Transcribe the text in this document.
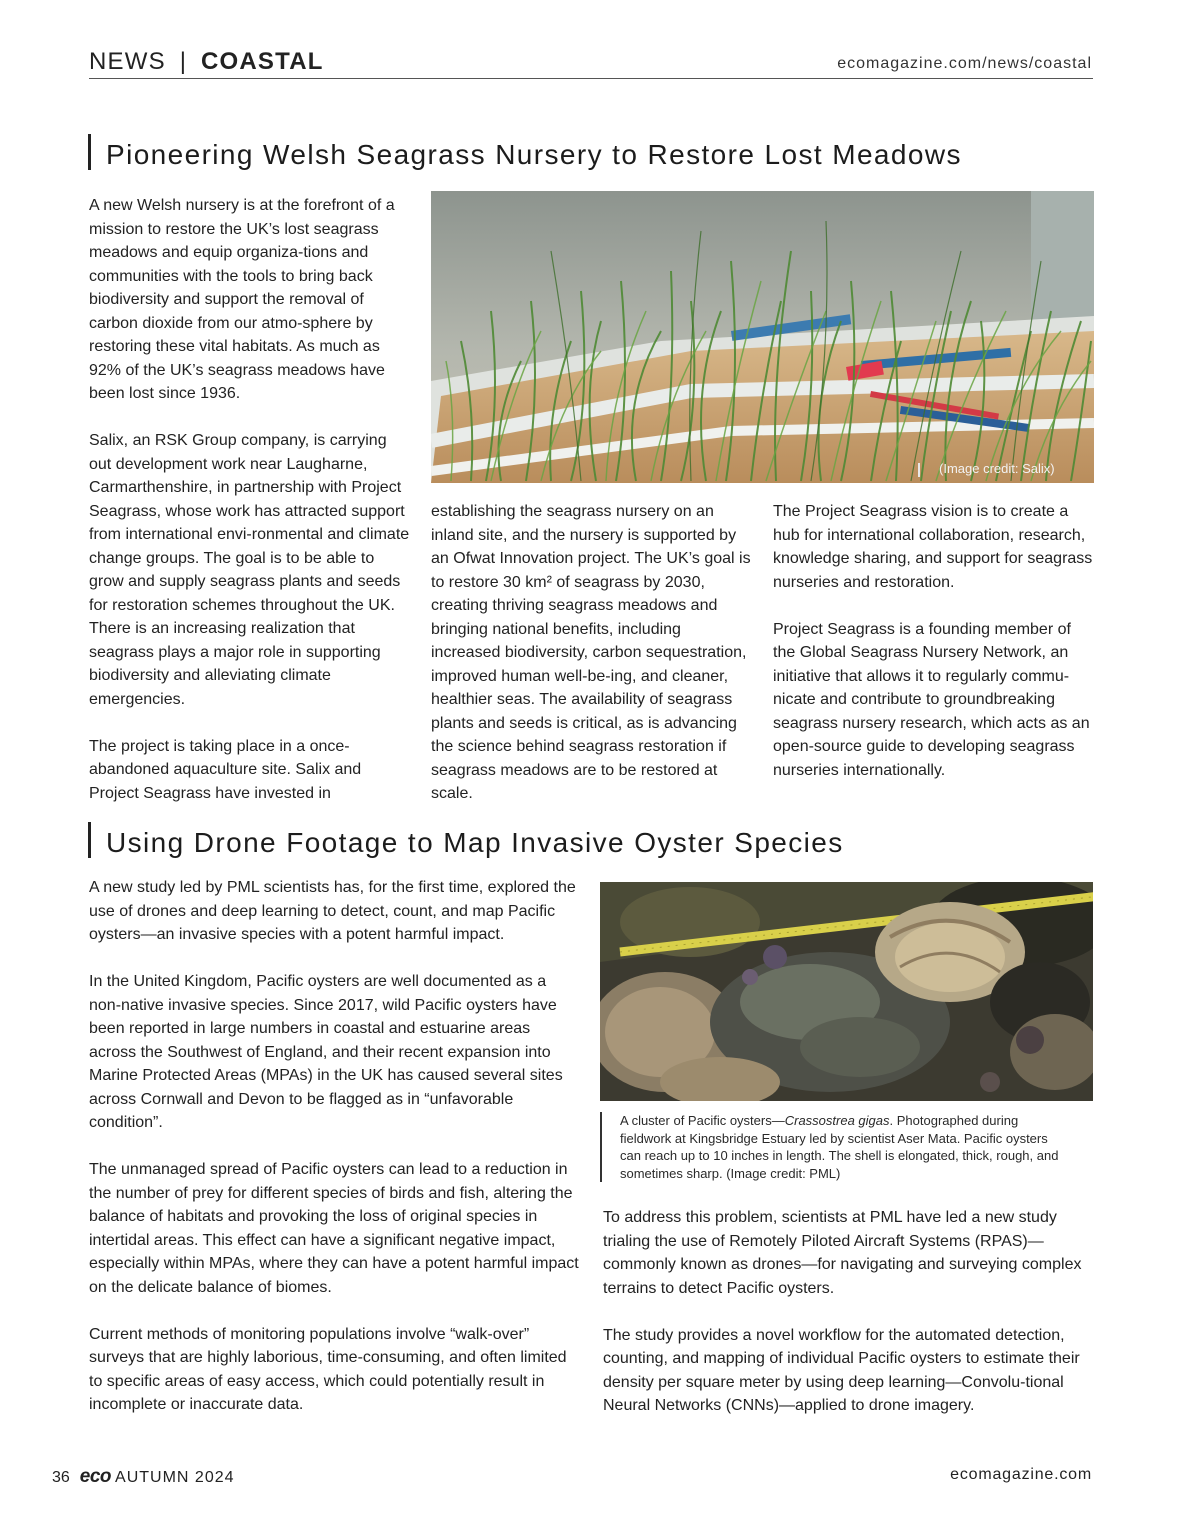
NEWS | COASTAL	ecomagazine.com/news/coastal
Pioneering Welsh Seagrass Nursery to Restore Lost Meadows

A new Welsh nursery is at the forefront of a mission to restore the UK’s lost seagrass meadows and equip organiza-tions and communities with the tools to bring back biodiversity and support the removal of carbon dioxide from our atmo-sphere by restoring these vital habitats. As much as 92% of the UK’s seagrass meadows have been lost since 1936.

Salix, an RSK Group company, is carrying out development work near Laugharne, Carmarthenshire, in partnership with Project Seagrass, whose work has attracted support from international envi-ronmental and climate change groups. The goal is to be able to grow and supply seagrass plants and seeds for restoration schemes throughout the UK. There is an increasing realization that seagrass plays a major role in supporting biodiversity and alleviating climate emergencies.

The project is taking place in a once-abandoned aquaculture site. Salix and Project Seagrass have invested in

(Image credit: Salix)

establishing the seagrass nursery on an inland site, and the nursery is supported by an Ofwat Innovation project. The UK’s goal is to restore 30 km² of seagrass by 2030, creating thriving seagrass meadows and bringing national benefits, including increased biodiversity, carbon sequestration, improved human well-be-ing, and cleaner, healthier seas. The availability of seagrass plants and seeds is critical, as is advancing the science behind seagrass restoration if seagrass meadows are to be restored at scale.

The Project Seagrass vision is to create a hub for international collaboration, research, knowledge sharing, and support for seagrass nurseries and restoration.

Project Seagrass is a founding member of the Global Seagrass Nursery Network, an initiative that allows it to regularly commu-nicate and contribute to groundbreaking seagrass nursery research, which acts as an open-source guide to developing seagrass nurseries internationally.

Using Drone Footage to Map Invasive Oyster Species

A new study led by PML scientists has, for the first time, explored the use of drones and deep learning to detect, count, and map Pacific oysters—an invasive species with a potent harmful impact.

In the United Kingdom, Pacific oysters are well documented as a non-native invasive species. Since 2017, wild Pacific oysters have been reported in large numbers in coastal and estuarine areas across the Southwest of England, and their recent expansion into Marine Protected Areas (MPAs) in the UK has caused several sites across Cornwall and Devon to be flagged as in “unfavorable condition”.

The unmanaged spread of Pacific oysters can lead to a reduction in the number of prey for different species of birds and fish, altering the balance of habitats and provoking the loss of original species in intertidal areas. This effect can have a significant negative impact, especially within MPAs, where they can have a potent harmful impact on the delicate balance of biomes.

Current methods of monitoring populations involve “walk-over” surveys that are highly laborious, time-consuming, and often limited to specific areas of easy access, which could potentially result in incomplete or inaccurate data.

A cluster of Pacific oysters—Crassostrea gigas. Photographed during fieldwork at Kingsbridge Estuary led by scientist Aser Mata. Pacific oysters can reach up to 10 inches in length. The shell is elongated, thick, rough, and sometimes sharp. (Image credit: PML)

To address this problem, scientists at PML have led a new study trialing the use of Remotely Piloted Aircraft Systems (RPAS)—commonly known as drones—for navigating and surveying complex terrains to detect Pacific oysters.

The study provides a novel workflow for the automated detection, counting, and mapping of individual Pacific oysters to estimate their density per square meter by using deep learning—Convolu-tional Neural Networks (CNNs)—applied to drone imagery.

36 eco AUTUMN 2024	ecomagazine.com
